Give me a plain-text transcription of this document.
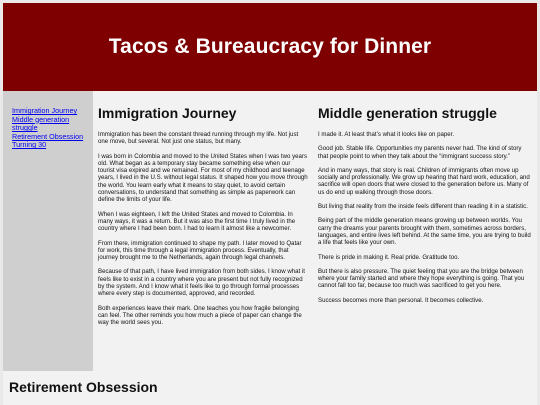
Tacos & Bureaucracy for Dinner
Immigration Journey
Middle generation struggle
Retirement Obsession
Turning 30
Immigration Journey

Immigration has been the constant thread running through my life. Not just one move, but several. Not just one status, but many.

I was born in Colombia and moved to the United States when I was two years old. What began as a temporary stay became something else when our tourist visa expired and we remained. For most of my childhood and teenage years, I lived in the U.S. without legal status. It shaped how you move through the world. You learn early what it means to stay quiet, to avoid certain conversations, to understand that something as simple as paperwork can define the limits of your life.

When I was eighteen, I left the United States and moved to Colombia. In many ways, it was a return. But it was also the first time I truly lived in the country where I had been born. I had to learn it almost like a newcomer.

From there, immigration continued to shape my path. I later moved to Qatar for work, this time through a legal immigration process. Eventually, that journey brought me to the Netherlands, again through legal channels.

Because of that path, I have lived immigration from both sides. I know what it feels like to exist in a country where you are present but not fully recognized by the system. And I know what it feels like to go through formal processes where every step is documented, approved, and recorded.

Both experiences leave their mark. One teaches you how fragile belonging can feel. The other reminds you how much a piece of paper can change the way the world sees you.

Middle generation struggle

I made it. At least that’s what it looks like on paper.

Good job. Stable life. Opportunities my parents never had. The kind of story that people point to when they talk about the “immigrant success story.”

And in many ways, that story is real. Children of immigrants often move up socially and professionally. We grow up hearing that hard work, education, and sacrifice will open doors that were closed to the generation before us. Many of us do end up walking through those doors.

But living that reality from the inside feels different than reading it in a statistic.

Being part of the middle generation means growing up between worlds. You carry the dreams your parents brought with them, sometimes across borders, languages, and entire lives left behind. At the same time, you are trying to build a life that feels like your own.

There is pride in making it. Real pride. Gratitude too.

But there is also pressure. The quiet feeling that you are the bridge between where your family started and where they hope everything is going. That you cannot fall too far, because too much was sacrificed to get you here.

Success becomes more than personal. It becomes collective.

Retirement Obsession
